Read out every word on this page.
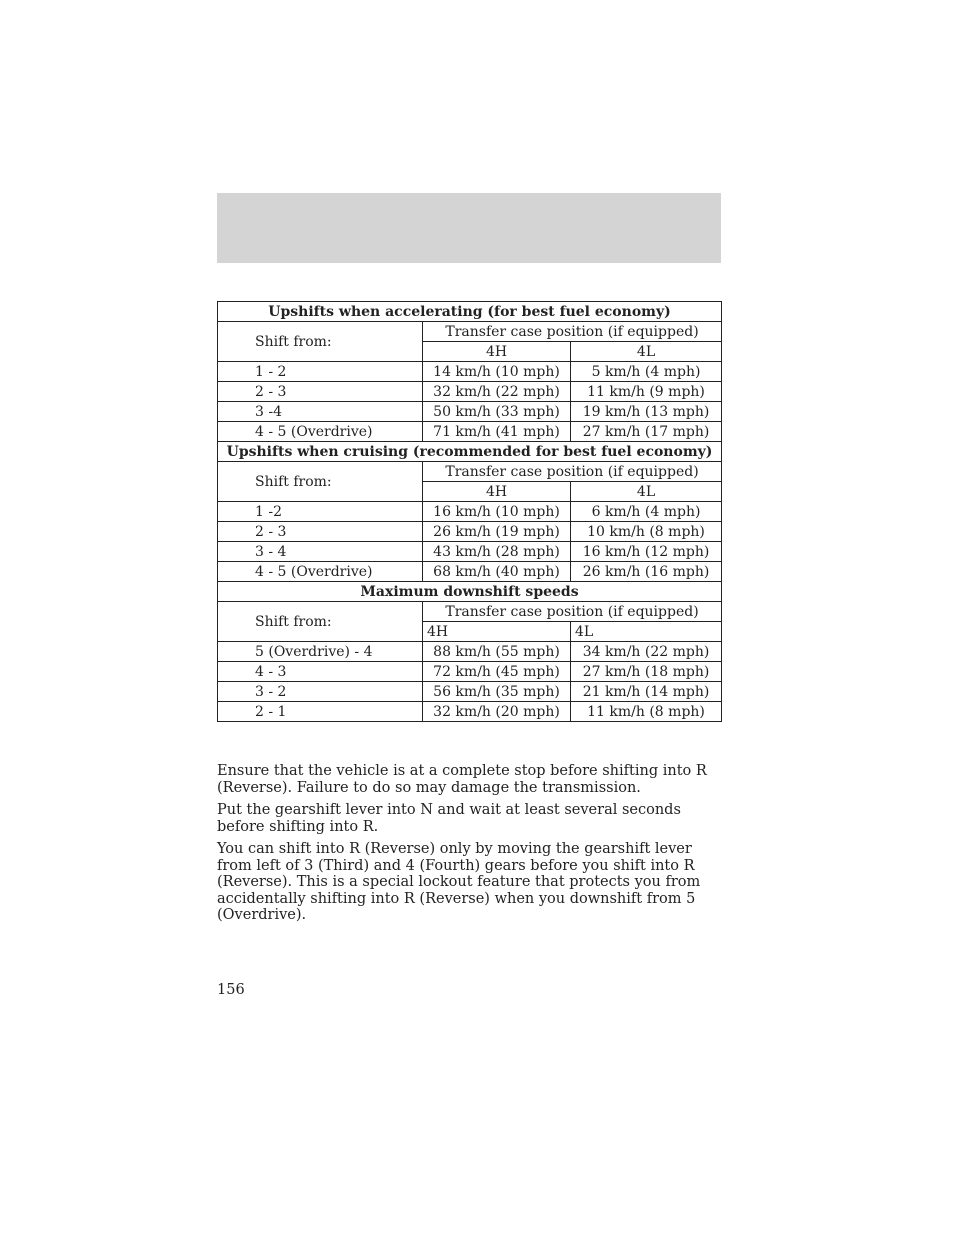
Upshifts when accelerating (for best fuel economy)		
Shift from:	Transfer case position (if equipped)	
	4H	4L
1 - 2	14 km/h (10 mph)	5 km/h (4 mph)
2 - 3	32 km/h (22 mph)	11 km/h (9 mph)
3 -4	50 km/h (33 mph)	19 km/h (13 mph)
4 - 5 (Overdrive)	71 km/h (41 mph)	27 km/h (17 mph)
Upshifts when cruising (recommended for best fuel economy)		
Shift from:	Transfer case position (if equipped)	
	4H	4L
1 -2	16 km/h (10 mph)	6 km/h (4 mph)
2 - 3	26 km/h (19 mph)	10 km/h (8 mph)
3 - 4	43 km/h (28 mph)	16 km/h (12 mph)
4 - 5 (Overdrive)	68 km/h (40 mph)	26 km/h (16 mph)
Maximum downshift speeds		
Shift from:	Transfer case position (if equipped)	
	4H	4L
5 (Overdrive) - 4	88 km/h (55 mph)	34 km/h (22 mph)
4 - 3	72 km/h (45 mph)	27 km/h (18 mph)
3 - 2	56 km/h (35 mph)	21 km/h (14 mph)
2 - 1	32 km/h (20 mph)	11 km/h (8 mph)

Ensure that the vehicle is at a complete stop before shifting into R (Reverse). Failure to do so may damage the transmission.

Put the gearshift lever into N and wait at least several seconds before shifting into R.

You can shift into R (Reverse) only by moving the gearshift lever from left of 3 (Third) and 4 (Fourth) gears before you shift into R (Reverse). This is a special lockout feature that protects you from accidentally shifting into R (Reverse) when you downshift from 5 (Overdrive).

156
